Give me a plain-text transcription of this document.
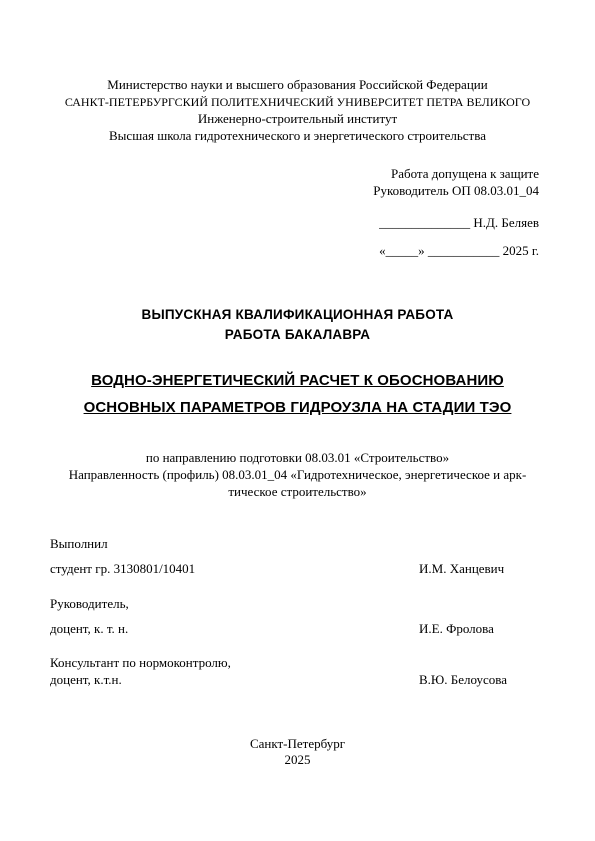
Министерство науки и высшего образования Российской Федерации
САНКТ-ПЕТЕРБУРГСКИЙ ПОЛИТЕХНИЧЕСКИЙ УНИВЕРСИТЕТ ПЕТРА ВЕЛИКОГО
Инженерно-строительный институт
Высшая школа гидротехнического и энергетического строительства
Работа допущена к защите
Руководитель ОП 08.03.01_04
______________ Н.Д. Беляев
«_____» ___________ 2025 г.
ВЫПУСКНАЯ КВАЛИФИКАЦИОННАЯ РАБОТА
РАБОТА БАКАЛАВРА
ВОДНО-ЭНЕРГЕТИЧЕСКИЙ РАСЧЕТ К ОБОСНОВАНИЮ
ОСНОВНЫХ ПАРАМЕТРОВ ГИДРОУЗЛА НА СТАДИИ ТЭО
по направлению подготовки 08.03.01 «Строительство»
Направленность (профиль) 08.03.01_04 «Гидротехническое, энергетическое и арк-
тическое строительство»
Выполнил
студент гр. 3130801/10401	И.М. Ханцевич
Руководитель,
доцент, к. т. н.	И.Е. Фролова
Консультант по нормоконтролю,
доцент, к.т.н.	В.Ю. Белоусова
Санкт-Петербург
2025
